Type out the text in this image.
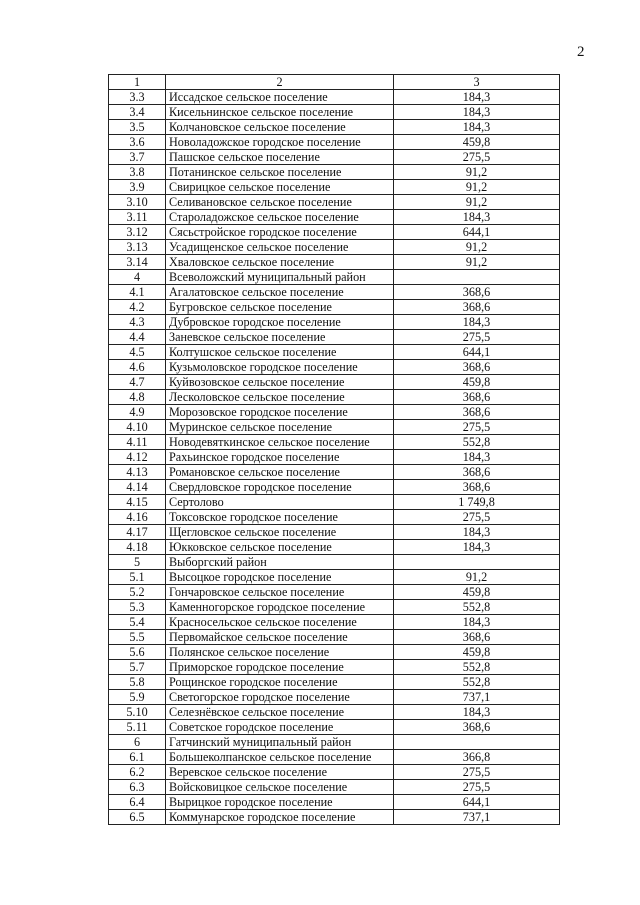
2
1	2	3
3.3	Иссадское сельское поселение	184,3
3.4	Кисельнинское сельское поселение	184,3
3.5	Колчановское сельское поселение	184,3
3.6	Новоладожское городское поселение	459,8
3.7	Пашское сельское поселение	275,5
3.8	Потанинское сельское поселение	91,2
3.9	Свирицкое сельское поселение	91,2
3.10	Селивановское сельское поселение	91,2
3.11	Староладожское сельское поселение	184,3
3.12	Сясьстройское городское поселение	644,1
3.13	Усадищенское сельское поселение	91,2
3.14	Хваловское сельское поселение	91,2
4	Всеволожский муниципальный район	
4.1	Агалатовское сельское поселение	368,6
4.2	Бугровское сельское поселение	368,6
4.3	Дубровское городское поселение	184,3
4.4	Заневское сельское поселение	275,5
4.5	Колтушское сельское поселение	644,1
4.6	Кузьмоловское городское поселение	368,6
4.7	Куйвозовское сельское поселение	459,8
4.8	Лесколовское сельское поселение	368,6
4.9	Морозовское городское поселение	368,6
4.10	Муринское сельское поселение	275,5
4.11	Новодевяткинское сельское поселение	552,8
4.12	Рахьинское городское поселение	184,3
4.13	Романовское сельское поселение	368,6
4.14	Свердловское городское поселение	368,6
4.15	Сертолово	1 749,8
4.16	Токсовское городское поселение	275,5
4.17	Щегловское сельское поселение	184,3
4.18	Юкковское сельское поселение	184,3
5	Выборгский район	
5.1	Высоцкое городское поселение	91,2
5.2	Гончаровское сельское поселение	459,8
5.3	Каменногорское городское поселение	552,8
5.4	Красносельское сельское поселение	184,3
5.5	Первомайское сельское поселение	368,6
5.6	Полянское сельское поселение	459,8
5.7	Приморское городское поселение	552,8
5.8	Рощинское городское поселение	552,8
5.9	Светогорское городское поселение	737,1
5.10	Селезнёвское сельское поселение	184,3
5.11	Советское городское поселение	368,6
6	Гатчинский муниципальный район	
6.1	Большеколпанское сельское поселение	366,8
6.2	Веревское сельское поселение	275,5
6.3	Войсковицкое сельское поселение	275,5
6.4	Вырицкое городское поселение	644,1
6.5	Коммунарское городское поселение	737,1
